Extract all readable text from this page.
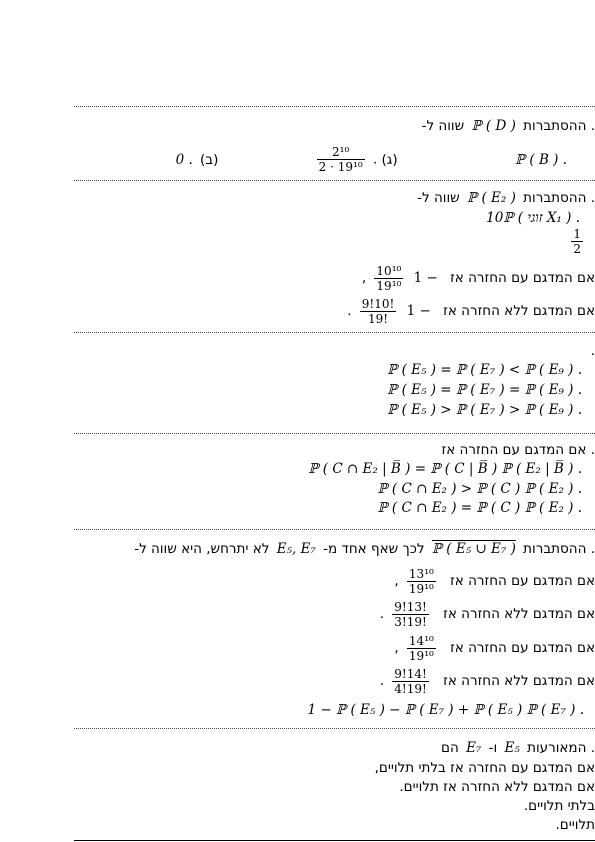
שווה ל- ℙ ( D ) . ההסתברות
0 .	(ג) .
$\frac{\text{2¹⁰}}{\text{2 · 19¹⁰}}$
(ב)	ℙ ( B ) .
שווה ל- ℙ ( E₂ ) . ההסתברות
10ℙ ( זוגי X₁ ) .
$\frac{1}{2}$
, $\frac{\text{10¹⁰}}{\text{19¹⁰}} 1$ − אם המדגם עם החזרה אז
. $\frac{9!10!}{19!} 1$ − אם המדגם ללא החזרה אז
.
ℙ ( E₅ ) = ℙ ( E₇ ) < ℙ ( E₉ ) .
ℙ ( E₅ ) = ℙ ( E₇ ) = ℙ ( E₉ ) .
ℙ ( E₅ ) > ℙ ( E₇ ) > ℙ ( E₉ ) .
. אם המדגם עם החזרה אז
ℙ ( C ∩ E₂ | B̅ ) = ℙ ( C | B̅ ) ℙ ( E₂ | B̅ ) .
ℙ ( C ∩ E₂ ) > ℙ ( C ) ℙ ( E₂ ) .
ℙ ( C ∩ E₂ ) = ℙ ( C ) ℙ ( E₂ ) .
לא יתרחש, היא שווה ל- E₅, E₇ לכך שאף אחד מ- ℙ ( E₅ ∪ E₇ ) . ההסתברות
, $\frac{\text{13¹⁰}}{\text{19¹⁰}}$ אם המדגם עם החזרה אז
. $\frac{9!13!}{3!19!}$ אם המדגם ללא החזרה אז
, $\frac{\text{14¹⁰}}{\text{19¹⁰}}$ אם המדגם עם החזרה אז
. $\frac{9!14!}{4!19!}$ אם המדגם ללא החזרה אז
1 − ℙ ( E₅ ) − ℙ ( E₇ ) + ℙ ( E₅ ) ℙ ( E₇ ) .
הם E₇ ו- E₅ . המאורעות
אם המדגם עם החזרה אז בלתי תלויים,
אם המדגם ללא החזרה אז תלויים.
בלתי תלויים.
תלויים.
